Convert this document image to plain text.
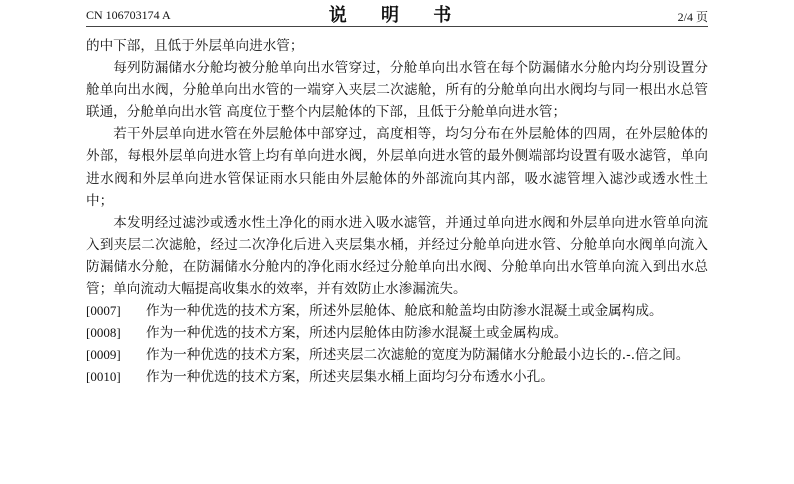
CN 106703174 A	说 明 书	2/4 页

的中下部，且低于外层单向进水管；

每列防漏储水分舱均被分舱单向出水管穿过，分舱单向出水管在每个防漏储水分舱内均分别设置分舱单向出水阀，分舱单向出水管的一端穿入夹层二次滤舱，所有的分舱单向出水阀均与同一根出水总管联通，分舱单向出水管 高度位于整个内层舱体的下部，且低于分舱单向进水管；

若干外层单向进水管在外层舱体中部穿过，高度相等，均匀分布在外层舱体的四周，在外层舱体的外部，每根外层单向进水管上均有单向进水阀，外层单向进水管的最外侧端部均设置有吸水滤管，单向进水阀和外层单向进水管保证雨水只能由外层舱体的外部流向其内部，吸水滤管埋入滤沙或透水性土中；

本发明经过滤沙或透水性土净化的雨水进入吸水滤管，并通过单向进水阀和外层单向进水管单向流入到夹层二次滤舱，经过二次净化后进入夹层集水桶，并经过分舱单向进水管、分舱单向水阀单向流入防漏储水分舱，在防漏储水分舱内的净化雨水经过分舱单向出水阀、分舱单向出水管单向流入到出水总管；单向流动大幅提高收集水的效率，并有效防止水渗漏流失。

[0007] 作为一种优选的技术方案，所述外层舱体、舱底和舱盖均由防渗水混凝土或金属构成。

[0008] 作为一种优选的技术方案，所述内层舱体由防渗水混凝土或金属构成。

[0009] 作为一种优选的技术方案，所述夹层二次滤舱的宽度为防漏储水分舱最小边长的.-.倍之间。

[0010] 作为一种优选的技术方案，所述夹层集水桶上面均匀分布透水小孔。
